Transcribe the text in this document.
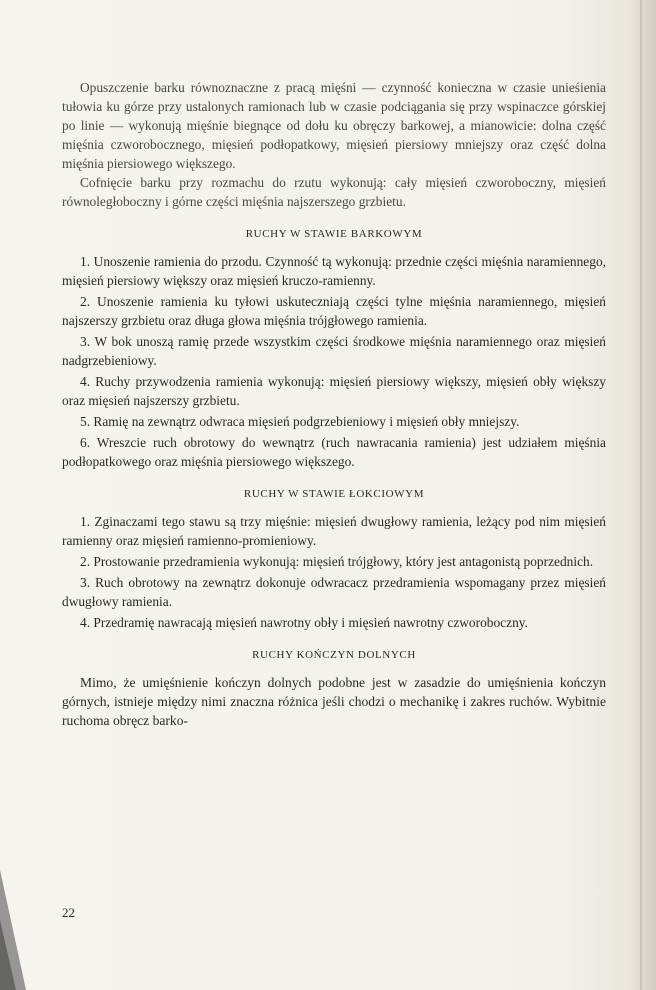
Opuszczenie barku równoznaczne z pracą mięśni — czynność konieczna w czasie unieśienia tułowia ku górze przy ustalonych ramionach lub w czasie podciągania się przy wspinaczce górskiej po linie — wykonują mięśnie biegnące od dołu ku obręczy barkowej, a mianowicie: dolna część mięśnia czworobocznego, mięsień podłopatkowy, mięsień piersiowy mniejszy oraz część dolna mięśnia piersiowego większego.

Cofnięcie barku przy rozmachu do rzutu wykonują: cały mięsień czworoboczny, mięsień równoległoboczny i górne części mięśnia najszerszego grzbietu.

RUCHY W STAWIE BARKOWYM

1. Unoszenie ramienia do przodu. Czynność tą wykonują: przednie części mięśnia naramiennego, mięsień piersiowy większy oraz mięsień kruczo-ramienny.

2. Unoszenie ramienia ku tyłowi uskuteczniają części tylne mięśnia naramiennego, mięsień najszerszy grzbietu oraz długa głowa mięśnia trójgłowego ramienia.

3. W bok unoszą ramię przede wszystkim części środkowe mięśnia naramiennego oraz mięsień nadgrzebieniowy.

4. Ruchy przywodzenia ramienia wykonują: mięsień piersiowy większy, mięsień obły większy oraz mięsień najszerszy grzbietu.

5. Ramię na zewnątrz odwraca mięsień podgrzebieniowy i mięsień obły mniejszy.

6. Wreszcie ruch obrotowy do wewnątrz (ruch nawracania ramienia) jest udziałem mięśnia podłopatkowego oraz mięśnia piersiowego większego.

RUCHY W STAWIE ŁOKCIOWYM

1. Zginaczami tego stawu są trzy mięśnie: mięsień dwugłowy ramienia, leżący pod nim mięsień ramienny oraz mięsień ramienno-promieniowy.

2. Prostowanie przedramienia wykonują: mięsień trójgłowy, który jest antagonistą poprzednich.

3. Ruch obrotowy na zewnątrz dokonuje odwracacz przedramienia wspomagany przez mięsień dwugłowy ramienia.

4. Przedramię nawracają mięsień nawrotny obły i mięsień nawrotny czworoboczny.

RUCHY KOŃCZYN DOLNYCH

Mimo, że umięśnienie kończyn dolnych podobne jest w zasadzie do umięśnienia kończyn górnych, istnieje między nimi znaczna różnica jeśli chodzi o mechanikę i zakres ruchów. Wybitnie ruchoma obręcz barko-

22
